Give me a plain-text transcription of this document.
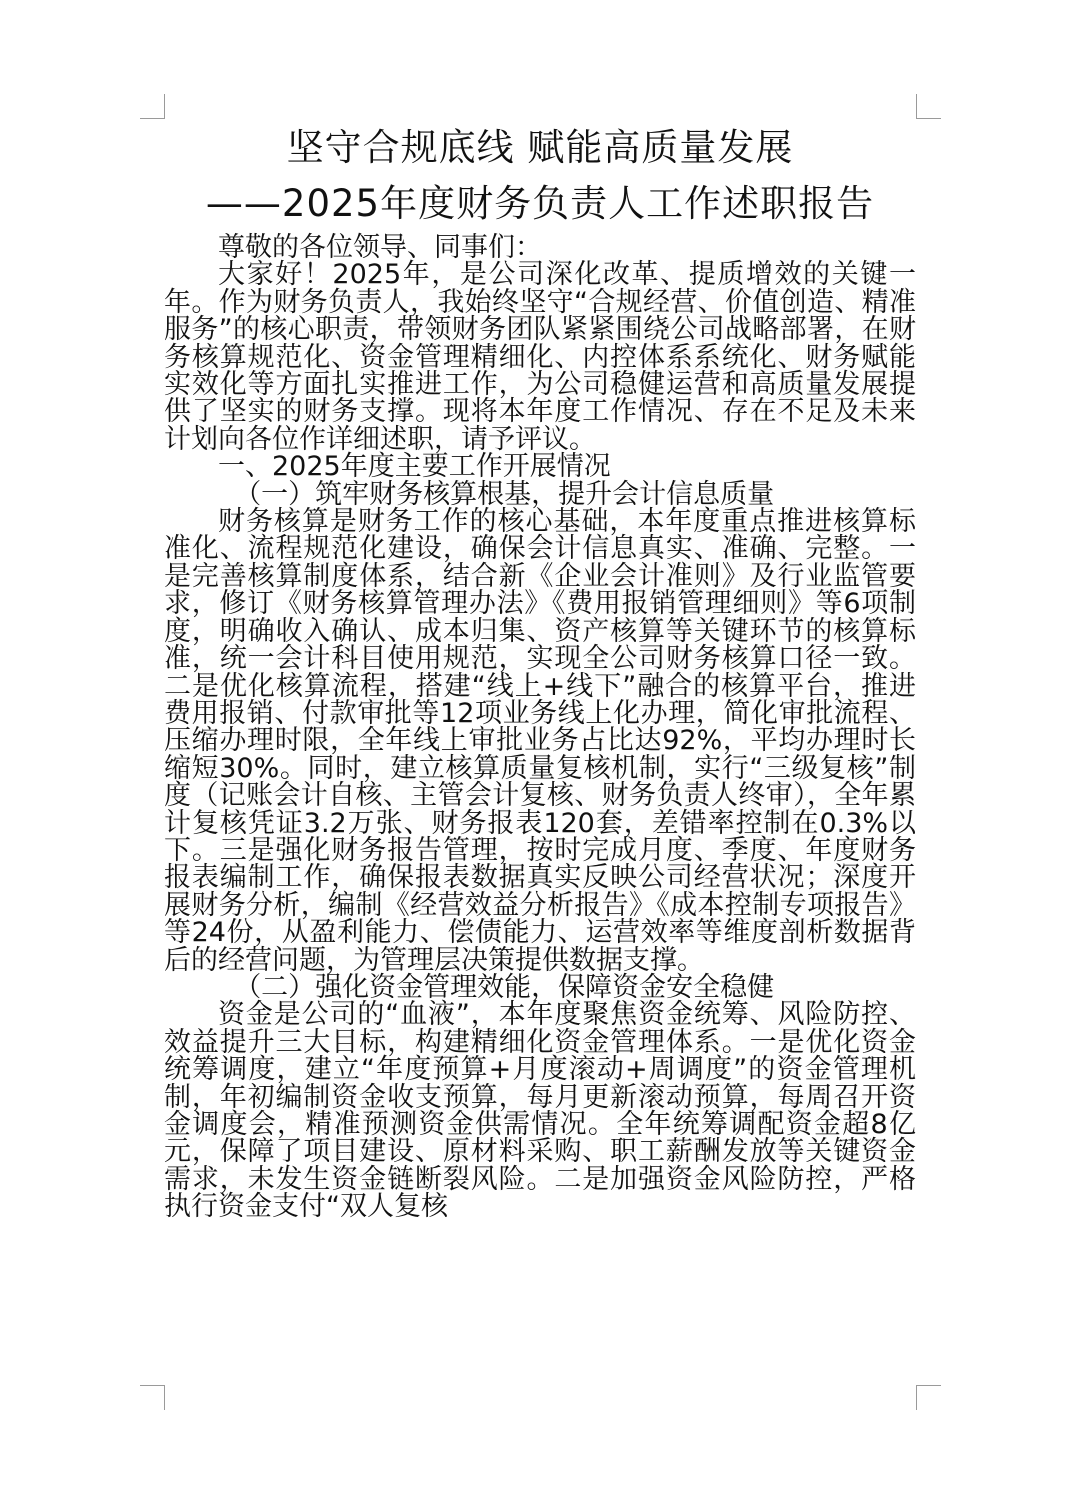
坚守合规底线 赋能高质量发展
——2025年度财务负责人工作述职报告

尊敬的各位领导、同事们：

大家好！2025年，是公司深化改革、提质增效的关键一年。作为财务负责人，我始终坚守“合规经营、价值创造、精准服务”的核心职责，带领财务团队紧紧围绕公司战略部署，在财务核算规范化、资金管理精细化、内控体系系统化、财务赋能实效化等方面扎实推进工作，为公司稳健运营和高质量发展提供了坚实的财务支撑。现将本年度工作情况、存在不足及未来计划向各位作详细述职，请予评议。

一、2025年度主要工作开展情况

（一）筑牢财务核算根基，提升会计信息质量

财务核算是财务工作的核心基础，本年度重点推进核算标准化、流程规范化建设，确保会计信息真实、准确、完整。一是完善核算制度体系，结合新《企业会计准则》及行业监管要求，修订《财务核算管理办法》《费用报销管理细则》等6项制度，明确收入确认、成本归集、资产核算等关键环节的核算标准，统一会计科目使用规范，实现全公司财务核算口径一致。二是优化核算流程，搭建“线上+线下”融合的核算平台，推进费用报销、付款审批等12项业务线上化办理，简化审批流程、压缩办理时限，全年线上审批业务占比达92%，平均办理时长缩短30%。同时，建立核算质量复核机制，实行“三级复核”制度（记账会计自核、主管会计复核、财务负责人终审），全年累计复核凭证3.2万张、财务报表120套，差错率控制在0.3%以下。三是强化财务报告管理，按时完成月度、季度、年度财务报表编制工作，确保报表数据真实反映公司经营状况；深度开展财务分析，编制《经营效益分析报告》《成本控制专项报告》等24份，从盈利能力、偿债能力、运营效率等维度剖析数据背后的经营问题，为管理层决策提供数据支撑。

（二）强化资金管理效能，保障资金安全稳健

资金是公司的“血液”，本年度聚焦资金统筹、风险防控、效益提升三大目标，构建精细化资金管理体系。一是优化资金统筹调度，建立“年度预算+月度滚动+周调度”的资金管理机制，年初编制资金收支预算，每月更新滚动预算，每周召开资金调度会，精准预测资金供需情况。全年统筹调配资金超8亿元，保障了项目建设、原材料采购、职工薪酬发放等关键资金需求，未发生资金链断裂风险。二是加强资金风险防控，严格执行资金支付“双人复核
